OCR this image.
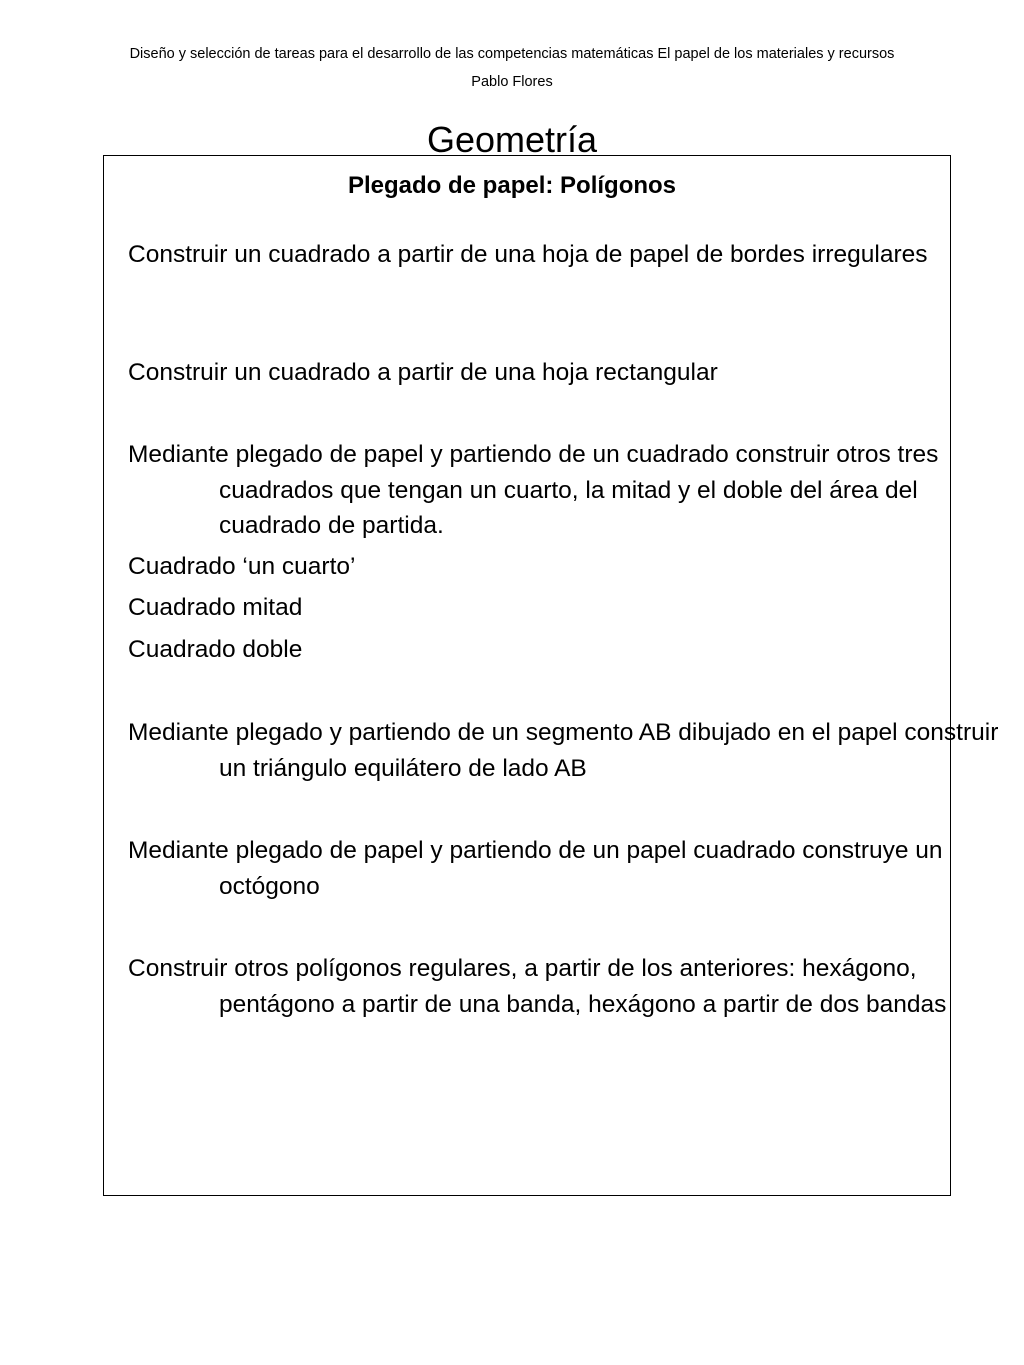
Diseño y selección de tareas para el desarrollo de las competencias matemáticas El papel de los materiales y recursos
Pablo Flores
Geometría
Plegado de papel: Polígonos
Construir un cuadrado a partir de una hoja de papel de bordes irregulares
Construir un cuadrado a partir de una hoja rectangular
Mediante plegado de papel y partiendo de un cuadrado construir otros tres cuadrados que tengan un cuarto, la mitad y el doble del área del cuadrado de partida.
Cuadrado ‘un cuarto’
Cuadrado mitad
Cuadrado doble
Mediante plegado y partiendo de un segmento AB dibujado en el papel construir un triángulo equilátero de lado AB
Mediante plegado de papel y partiendo de un papel cuadrado construye un octógono
Construir otros polígonos regulares, a partir de los anteriores: hexágono, pentágono a partir de una banda, hexágono a partir de dos bandas
